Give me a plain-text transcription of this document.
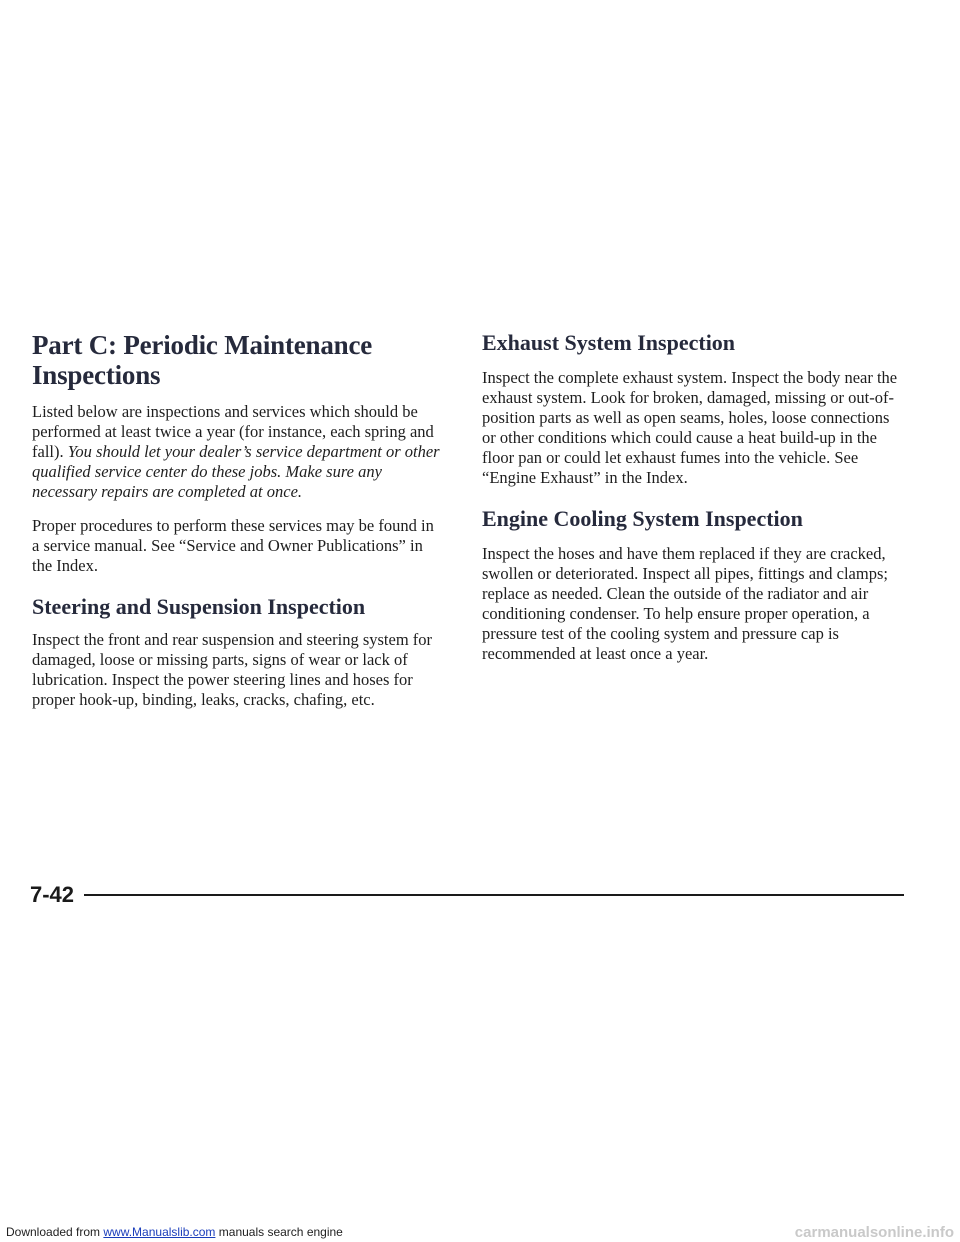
Part C: Periodic Maintenance Inspections

Listed below are inspections and services which should be performed at least twice a year (for instance, each spring and fall). You should let your dealer’s service department or other qualified service center do these jobs. Make sure any necessary repairs are completed at once.

Proper procedures to perform these services may be found in a service manual. See “Service and Owner Publications” in the Index.

Steering and Suspension Inspection

Inspect the front and rear suspension and steering system for damaged, loose or missing parts, signs of wear or lack of lubrication. Inspect the power steering lines and hoses for proper hook-up, binding, leaks, cracks, chafing, etc.

Exhaust System Inspection

Inspect the complete exhaust system. Inspect the body near the exhaust system. Look for broken, damaged, missing or out-of-position parts as well as open seams, holes, loose connections or other conditions which could cause a heat build-up in the floor pan or could let exhaust fumes into the vehicle. See “Engine Exhaust” in the Index.

Engine Cooling System Inspection

Inspect the hoses and have them replaced if they are cracked, swollen or deteriorated. Inspect all pipes, fittings and clamps; replace as needed. Clean the outside of the radiator and air conditioning condenser. To help ensure proper operation, a pressure test of the cooling system and pressure cap is recommended at least once a year.

7-42
Downloaded from www.Manualslib.com manuals search engine	carmanualsonline.info
